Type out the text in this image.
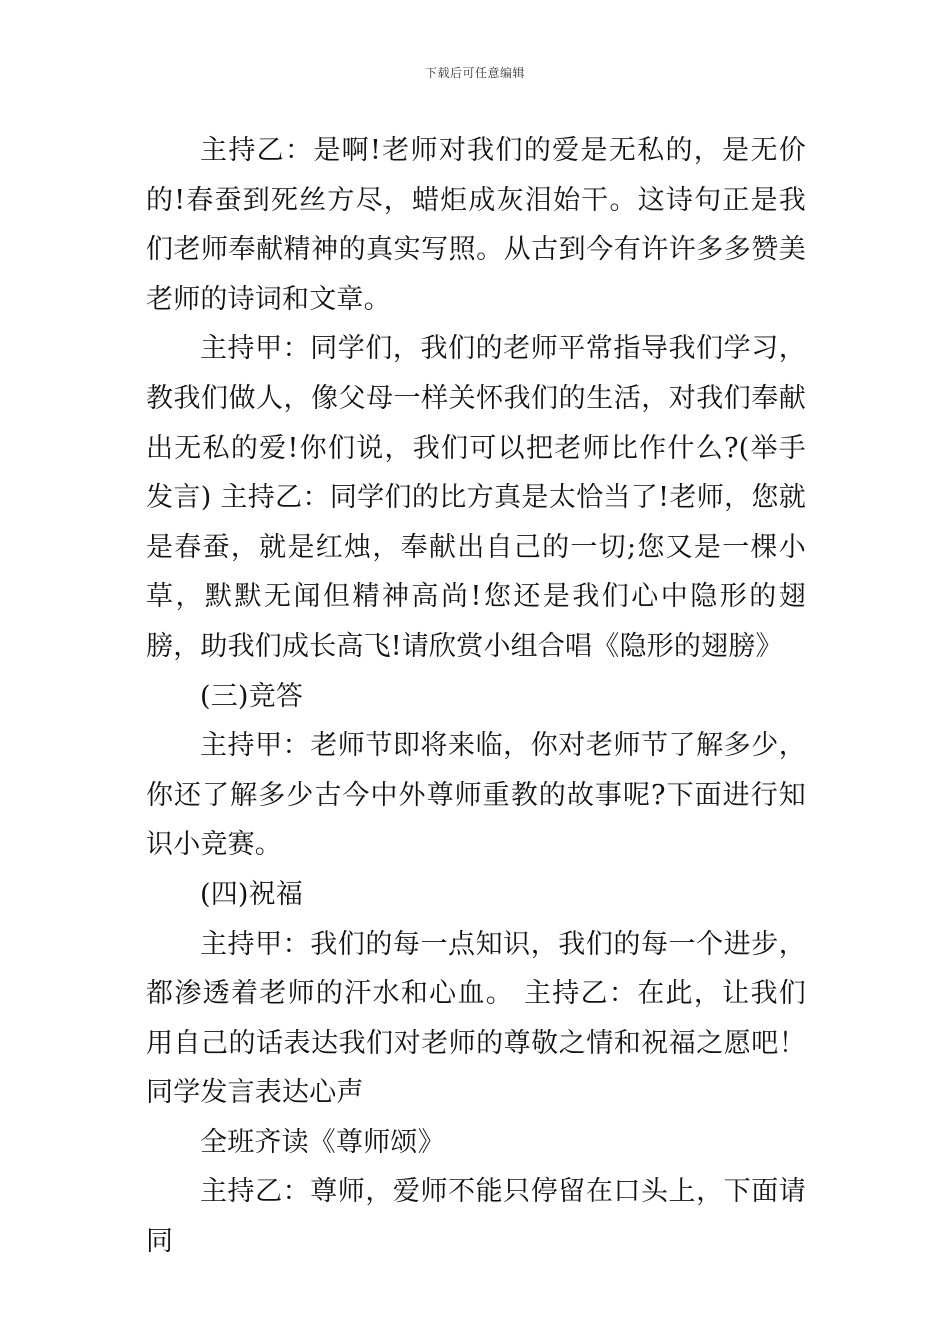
下载后可任意编辑

主持乙：是啊!老师对我们的爱是无私的，是无价的!春蚕到死丝方尽，蜡炬成灰泪始干。这诗句正是我们老师奉献精神的真实写照。从古到今有许许多多赞美老师的诗词和文章。

主持甲：同学们，我们的老师平常指导我们学习，教我们做人，像父母一样关怀我们的生活，对我们奉献出无私的爱!你们说，我们可以把老师比作什么?(举手发言) 主持乙：同学们的比方真是太恰当了!老师，您就是春蚕，就是红烛，奉献出自己的一切;您又是一棵小草，默默无闻但精神高尚!您还是我们心中隐形的翅膀，助我们成长高飞!请欣赏小组合唱《隐形的翅膀》

(三)竞答

主持甲：老师节即将来临，你对老师节了解多少，你还了解多少古今中外尊师重教的故事呢?下面进行知识小竞赛。

(四)祝福

主持甲：我们的每一点知识，我们的每一个进步，都渗透着老师的汗水和心血。 主持乙：在此，让我们用自己的话表达我们对老师的尊敬之情和祝福之愿吧！ 同学发言表达心声

全班齐读《尊师颂》

主持乙：尊师，爱师不能只停留在口头上，下面请同
